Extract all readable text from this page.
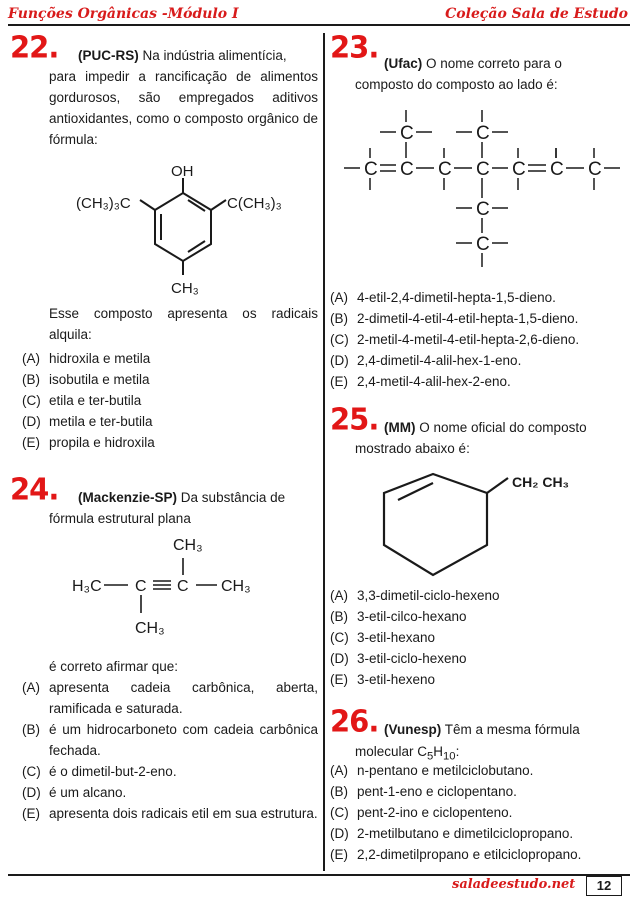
Funções Orgânicas -Módulo I	Coleção Sala de Estudo
22. (PUC-RS) Na indústria alimentícia,
para impedir a rancificação de alimentos gordurosos, são empregados aditivos antioxidantes, como o composto orgânico de fórmula:
OH
(CH₃)₃C	C(CH₃)₃
CH₃
Esse composto apresenta os radicais alquila:
(A) hidroxila e metila
(B) isobutila e metila
(C) etila e ter-butila
(D) metila e ter-butila
(E) propila e hidroxila
24. (Mackenzie-SP) Da substância de
fórmula estrutural plana
CH₃
H₃C C C CH₃
CH₃
é correto afirmar que:
(A) apresenta cadeia carbônica, aberta, ramificada e saturada.
(B) é um hidrocarboneto com cadeia carbônica fechada.
(C) é o dimetil-but-2-eno.
(D) é um alcano.
(E) apresenta dois radicais etil em sua estrutura.
23. (Ufac) O nome correto para o
composto do composto ao lado é:
C C C C C C C
C	C
C
C
(A) 4-etil-2,4-dimetil-hepta-1,5-dieno.
(B) 2-dimetil-4-etil-4-etil-hepta-1,5-dieno.
(C) 2-metil-4-metil-4-etil-hepta-2,6-dieno.
(D) 2,4-dimetil-4-alil-hex-1-eno.
(E) 2,4-metil-4-alil-hex-2-eno.
25. (MM) O nome oficial do composto
mostrado abaixo é:
CH₂ CH₃
(A) 3,3-dimetil-ciclo-hexeno
(B) 3-etil-cilco-hexano
(C) 3-etil-hexano
(D) 3-etil-ciclo-hexeno
(E) 3-etil-hexeno
26. (Vunesp) Têm a mesma fórmula
molecular $C_5H_{10}$:
(A) n-pentano e metilciclobutano.
(B) pent-1-eno e ciclopentano.
(C) pent-2-ino e ciclopenteno.
(D) 2-metilbutano e dimetilciclopropano.
(E) 2,2-dimetilpropano e etilciclopropano.
saladeestudo.net	12
